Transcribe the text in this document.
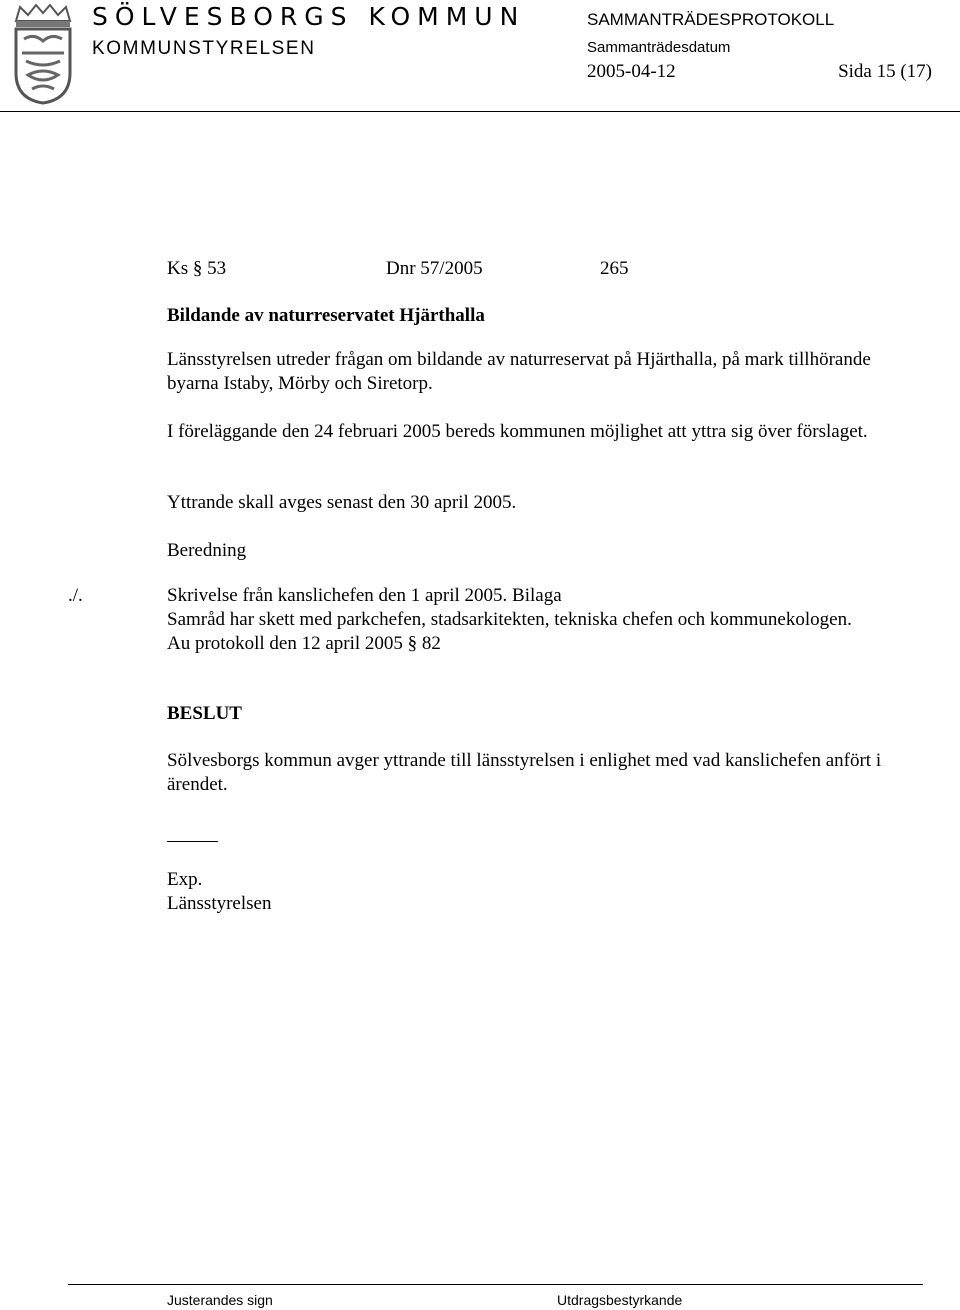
SÖLVESBORGS KOMMUN
KOMMUNSTYRELSEN
SAMMANTRÄDESPROTOKOLL
Sammanträdesdatum
2005-04-12	Sida 15 (17)
Ks § 53	Dnr 57/2005	265
Bildande av naturreservatet Hjärthalla
Länsstyrelsen utreder frågan om bildande av naturreservat på Hjärthalla, på mark tillhörande byarna Istaby, Mörby och Siretorp.
I föreläggande den 24 februari 2005 bereds kommunen möjlighet att yttra sig över förslaget.
Yttrande skall avges senast den 30 april 2005.
Beredning
./.	Skrivelse från kanslichefen den 1 april 2005. Bilaga
Samråd har skett med parkchefen, stadsarkitekten, tekniska chefen och kommunekologen.
Au protokoll den 12 april 2005 § 82
BESLUT
Sölvesborgs kommun avger yttrande till länsstyrelsen i enlighet med vad kanslichefen anfört i ärendet.
Exp.
Länsstyrelsen
Justerandes sign	Utdragsbestyrkande
